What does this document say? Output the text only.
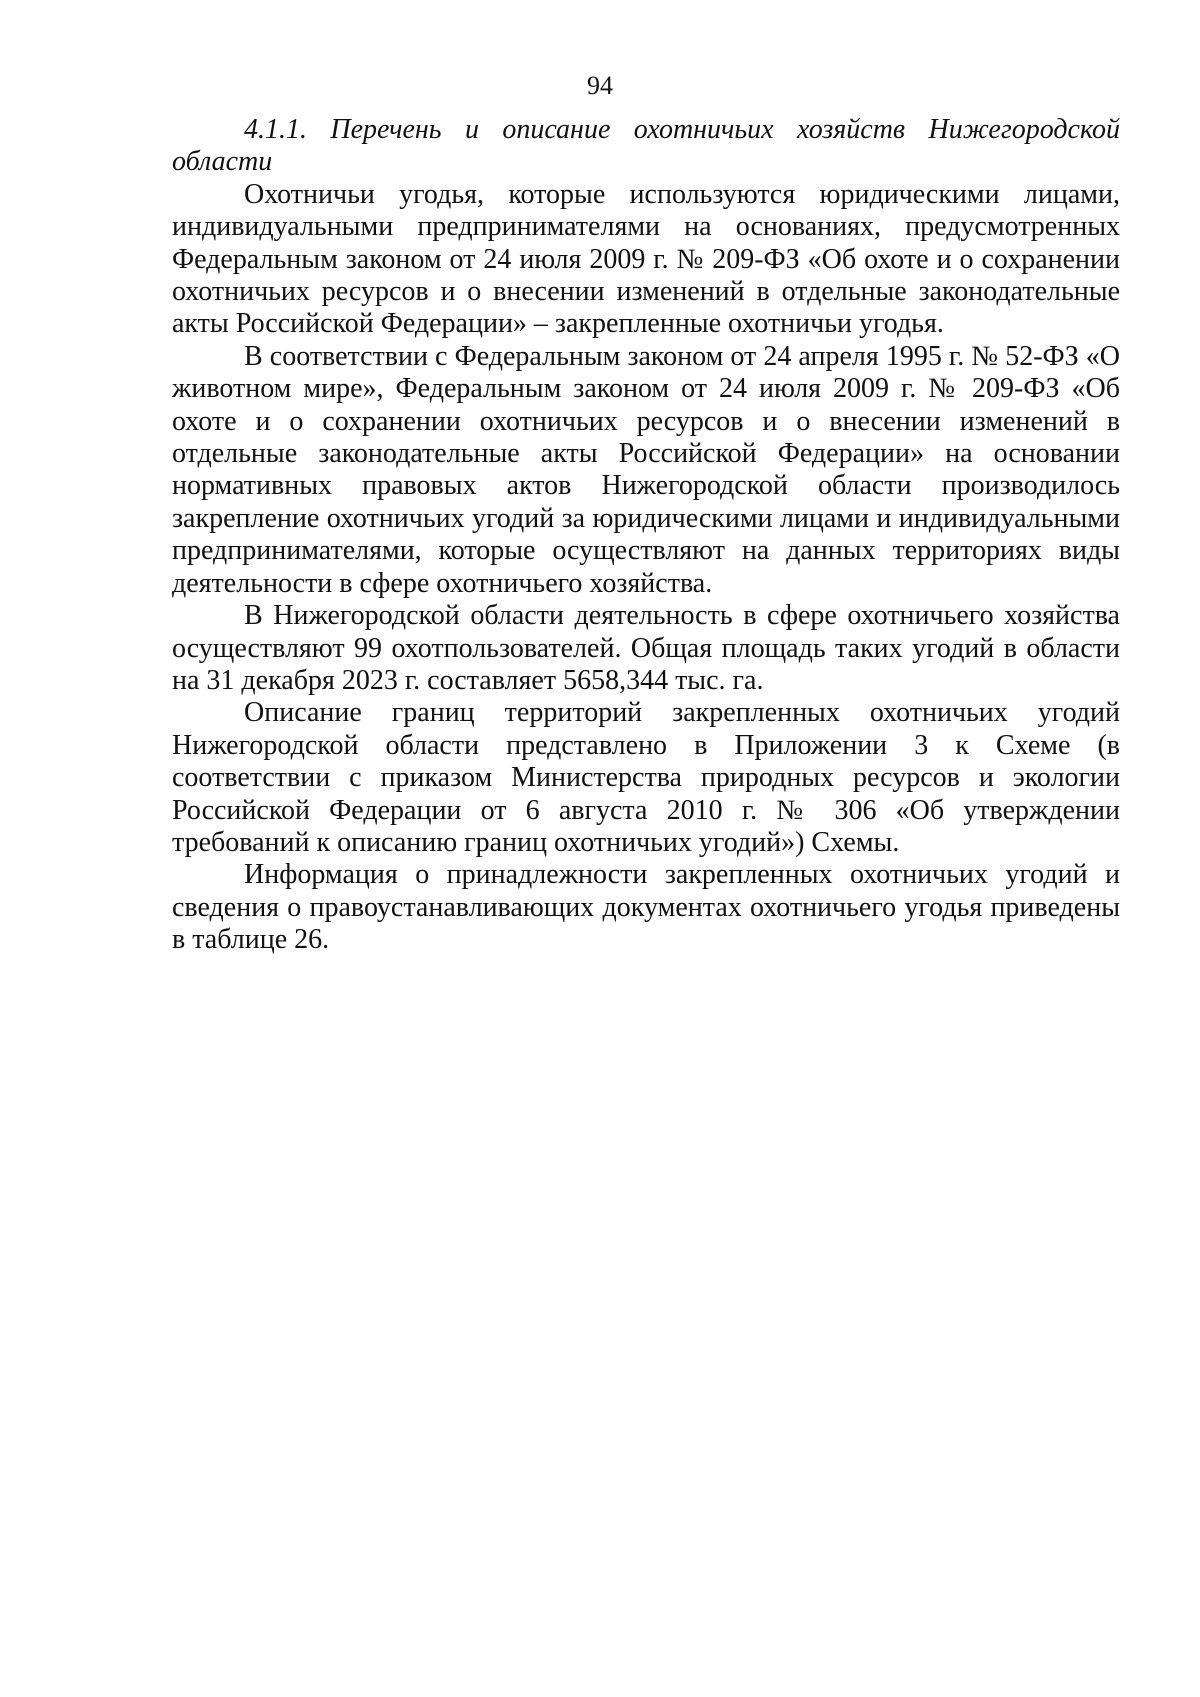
94

4.1.1. Перечень и описание охотничьих хозяйств Нижегородской области

Охотничьи угодья, которые используются юридическими лицами, индивидуальными предпринимателями на основаниях, предусмотренных Федеральным законом от 24 июля 2009 г. № 209-ФЗ «Об охоте и о сохранении охотничьих ресурсов и о внесении изменений в отдельные законодательные акты Российской Федерации» – закрепленные охотничьи угодья.

В соответствии с Федеральным законом от 24 апреля 1995 г. № 52-ФЗ «О животном мире», Федеральным законом от 24 июля 2009 г. № 209-ФЗ «Об охоте и о сохранении охотничьих ресурсов и о внесении изменений в отдельные законодательные акты Российской Федерации» на основании нормативных правовых актов Нижегородской области производилось закрепление охотничьих угодий за юридическими лицами и индивидуальными предпринимателями, которые осуществляют на данных территориях виды деятельности в сфере охотничьего хозяйства.

В Нижегородской области деятельность в сфере охотничьего хозяйства осуществляют 99 охотпользователей. Общая площадь таких угодий в области на 31 декабря 2023 г. составляет 5658,344 тыс. га.

Описание границ территорий закрепленных охотничьих угодий Нижегородской области представлено в Приложении 3 к Схеме (в соответствии с приказом Министерства природных ресурсов и экологии Российской Федерации от 6 августа 2010 г. № 306 «Об утверждении требований к описанию границ охотничьих угодий») Схемы.

Информация о принадлежности закрепленных охотничьих угодий и сведения о правоустанавливающих документах охотничьего угодья приведены в таблице 26.
